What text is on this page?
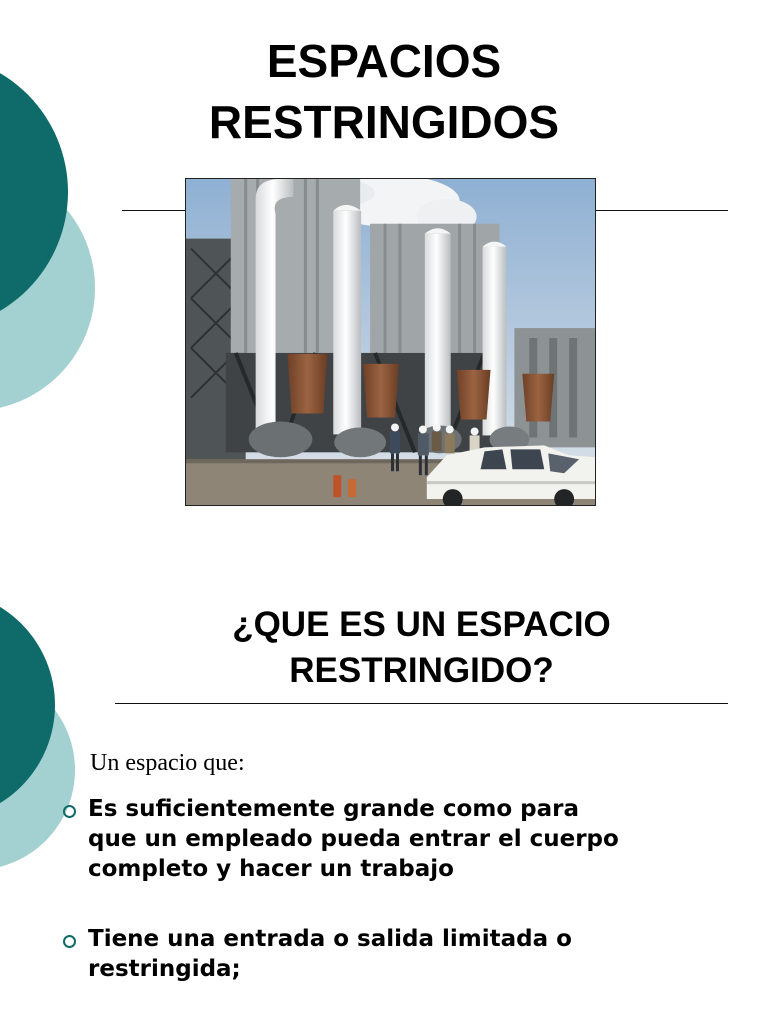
ESPACIOS
RESTRINGIDOS
¿QUE ES UN ESPACIO
RESTRINGIDO?
Un espacio que:
Es suficientemente grande como para
que un empleado pueda entrar el cuerpo
completo y hacer un trabajo
Tiene una entrada o salida limitada o
restringida;
